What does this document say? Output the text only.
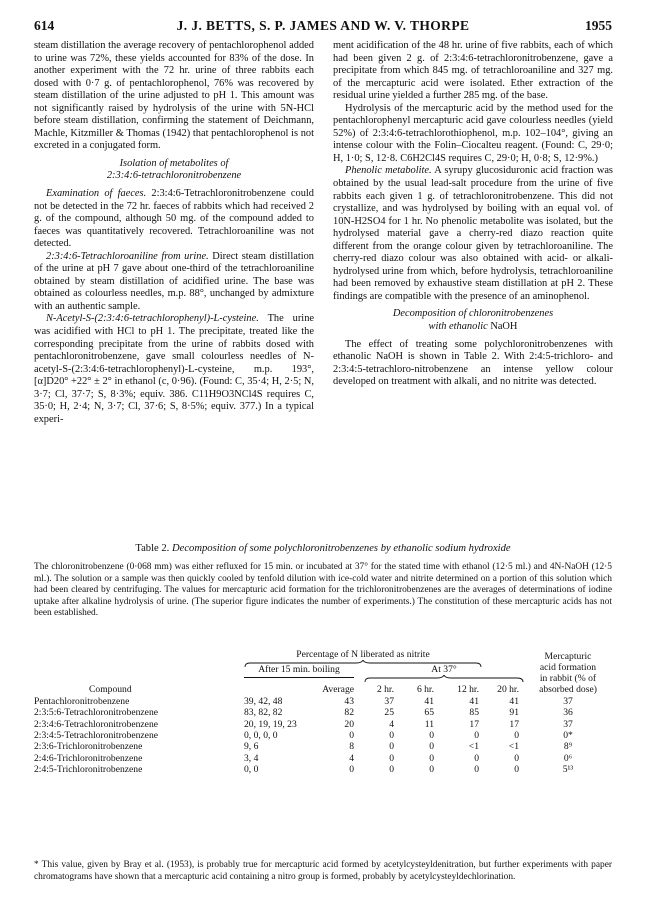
614	J. J. BETTS, S. P. JAMES AND W. V. THORPE	1955

steam distillation the average recovery of pentachlorophenol added to urine was 72%, these yields accounted for 83% of the dose. In another experiment with the 72 hr. urine of three rabbits each dosed with 0·7 g. of pentachlorophenol, 76% was recovered by steam distillation of the urine adjusted to pH 1. This amount was not significantly raised by hydrolysis of the urine with 5N-HCl before steam distillation, confirming the statement of Deichmann, Machle, Kitzmiller & Thomas (1942) that pentachlorophenol is not excreted in a conjugated form.

Isolation of metabolites of

2:3:4:6-tetrachloronitrobenzene

Examination of faeces. 2:3:4:6-Tetrachloronitrobenzene could not be detected in the 72 hr. faeces of rabbits which had received 2 g. of the compound, although 50 mg. of the compound added to faeces was quantitatively recovered. Tetrachloroaniline was not detected.

2:3:4:6-Tetrachloroaniline from urine. Direct steam distillation of the urine at pH 7 gave about one-third of the tetrachloroaniline obtained by steam distillation of acidified urine. The base was obtained as colourless needles, m.p. 88°, unchanged by admixture with an authentic sample.

N-Acetyl-S-(2:3:4:6-tetrachlorophenyl)-L-cysteine. The urine was acidified with HCl to pH 1. The precipitate, treated like the corresponding precipitate from the urine of rabbits dosed with pentachloronitrobenzene, gave small colourless needles of N-acetyl-S-(2:3:4:6-tetrachlorophenyl)-L-cysteine, m.p. 193°, [α]D20° +22° ± 2° in ethanol (c, 0·96). (Found: C, 35·4; H, 2·5; N, 3·7; Cl, 37·7; S, 8·3%; equiv. 386. C11H9O3NCl4S requires C, 35·0; H, 2·4; N, 3·7; Cl, 37·6; S, 8·5%; equiv. 377.) In a typical experi-

ment acidification of the 48 hr. urine of five rabbits, each of which had been given 2 g. of 2:3:4:6-tetrachloronitrobenzene, gave a precipitate from which 845 mg. of tetrachloroaniline and 327 mg. of the mercapturic acid were isolated. Ether extraction of the residual urine yielded a further 285 mg. of the base.

Hydrolysis of the mercapturic acid by the method used for the pentachlorophenyl mercapturic acid gave colourless needles (yield 52%) of 2:3:4:6-tetrachlorothiophenol, m.p. 102–104°, giving an intense colour with the Folin–Ciocalteu reagent. (Found: C, 29·0; H, 1·0; S, 12·8. C6H2Cl4S requires C, 29·0; H, 0·8; S, 12·9%.)

Phenolic metabolite. A syrupy glucosiduronic acid fraction was obtained by the usual lead-salt procedure from the urine of five rabbits each given 1 g. of tetrachloronitrobenzene. This did not crystallize, and was hydrolysed by boiling with an equal vol. of 10N-H2SO4 for 1 hr. No phenolic metabolite was isolated, but the hydrolysed material gave a cherry-red diazo reaction quite different from the orange colour given by tetrachloroaniline. The cherry-red diazo colour was also obtained with acid- or alkali-hydrolysed urine from which, before hydrolysis, tetrachloroaniline had been removed by exhaustive steam distillation at pH 2. These findings are compatible with the presence of an aminophenol.

Decomposition of chloronitrobenzenes

with ethanolic NaOH

The effect of treating some polychloronitrobenzenes with ethanolic NaOH is shown in Table 2. With 2:4:5-trichloro- and 2:3:4:5-tetrachloro-nitrobenzene an intense yellow colour developed on treatment with alkali, and no nitrite was detected.

Table 2. Decomposition of some polychloronitrobenzenes by ethanolic sodium hydroxide
The chloronitrobenzene (0·068 mm) was either refluxed for 15 min. or incubated at 37° for the stated time with ethanol (12·5 ml.) and 4N-NaOH (12·5 ml.). The solution or a sample was then quickly cooled by tenfold dilution with ice-cold water and nitrite determined on a portion of this solution which had been cleared by centrifuging. The values for mercapturic acid formation for the trichloronitrobenzenes are the averages of determinations of iodine uptake after alkaline hydrolysis of urine. (The superior figure indicates the number of experiments.) The constitution of these mercapturic acids has not been established.
Percentage of N liberated as nitrite	Mercapturic
acid formation
in rabbit (% of
absorbed dose)
After 15 min. boiling	At 37°
Compound	Average	2 hr.	6 hr.	12 hr.	20 hr.
Pentachloronitrobenzene	39, 42, 48	43	37	41	41	41	37
2:3:5:6-Tetrachloronitrobenzene	83, 82, 82	82	25	65	85	91	36
2:3:4:6-Tetrachloronitrobenzene	20, 19, 19, 23	20	4	11	17	17	37
2:3:4:5-Tetrachloronitrobenzene	0, 0, 0, 0	0	0	0	0	0	0*
2:3:6-Trichloronitrobenzene	9, 6	8	0	0	<1	<1	8⁹
2:4:6-Trichloronitrobenzene	3, 4	4	0	0	0	0	0⁶
2:4:5-Trichloronitrobenzene	0, 0	0	0	0	0	0	5¹³
* This value, given by Bray et al. (1953), is probably true for mercapturic acid formed by acetylcysteyldenitration, but further experiments with paper chromatograms have shown that a mercapturic acid containing a nitro group is formed, probably by acetylcysteyldechlorination.
